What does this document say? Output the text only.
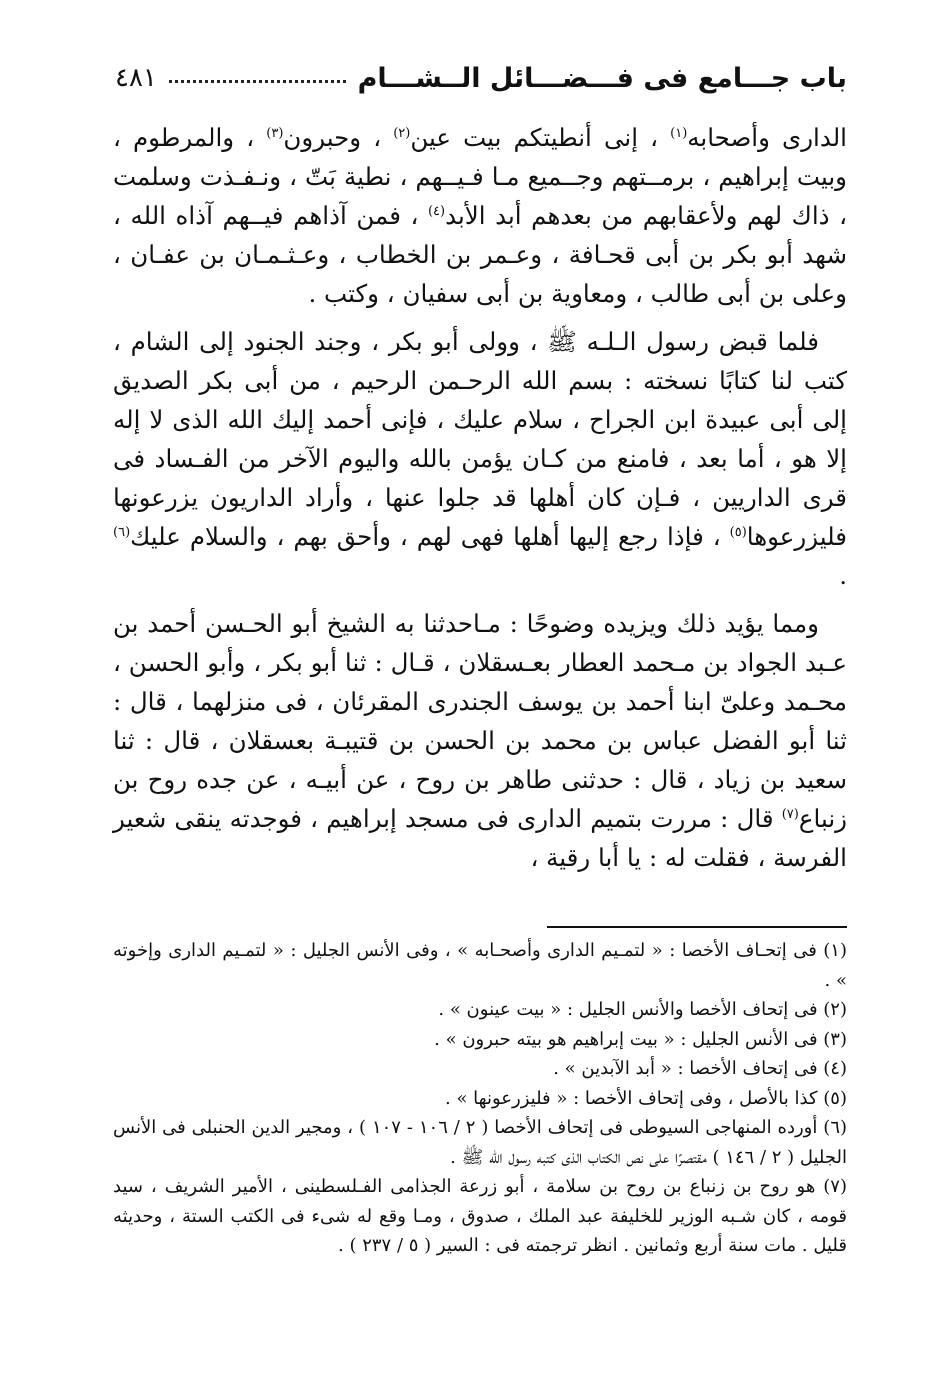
باب جـــامع فى فـــضـــائل الــشـــام
٤٨١

الدارى وأصحابه$^{(١)}$ ، إنى أنطيتكم بيت عين$^{(٢)}$ ، وحبرون$^{(٣)}$ ، والمرطوم ، وبيت إبراهيم ، برمــتهم وجــميع مـا فـيــهم ، نطية بَتّ ، ونـفـذت وسلمت ، ذاك لهم ولأعقابهم من بعدهم أبد الأبد$^{(٤)}$ ، فمن آذاهم فيــهم آذاه الله ، شهد أبو بكر بن أبى قحـافة ، وعـمر بن الخطاب ، وعـثـمـان بن عفـان ، وعلى بن أبى طالب ، ومعاوية بن أبى سفيان ، وكتب .

فلما قبض رسول الـلـه ﷺ ، وولى أبو بكر ، وجند الجنود إلى الشام ، كتب لنا كتابًا نسخته : بسم الله الرحـمن الرحيم ، من أبى بكر الصديق إلى أبى عبيدة ابن الجراح ، سلام عليك ، فإنى أحمد إليك الله الذى لا إله إلا هو ، أما بعد ، فامنع من كـان يؤمن بالله واليوم الآخر من الفـساد فى قرى الداريين ، فـإن كان أهلها قد جلوا عنها ، وأراد الداريون يزرعونها فليزرعوها$^{(٥)}$ ، فإذا رجع إليها أهلها فهى لهم ، وأحق بهم ، والسلام عليك$^{(٦)}$ .

ومما يؤيد ذلك ويزيده وضوحًا : مـاحدثنا به الشيخ أبو الحـسن أحمد بن عـبد الجواد بن مـحمد العطار بعـسقلان ، قـال : ثنا أبو بكر ، وأبو الحسن ، محـمد وعلىّ ابنا أحمد بن يوسف الجندرى المقرئان ، فى منزلهما ، قال : ثنا أبو الفضل عباس بن محمد بن الحسن بن قتيبـة بعسقلان ، قال : ثنا سعيد بن زياد ، قال : حدثنى طاهر بن روح ، عن أبيـه ، عن جده روح بن زنباع$^{(٧)}$ قال : مررت بتميم الدارى فى مسجد إبراهيم ، فوجدته ينقى شعير الفرسة ، فقلت له : يا أبا رقية ،

(١) فى إتحـاف الأخصا : « لتمـيم الدارى وأصحـابه » ، وفى الأنس الجليل : « لتمـيم الدارى وإخوته » .

(٢) فى إتحاف الأخصا والأنس الجليل : « بيت عينون » .

(٣) فى الأنس الجليل : « بيت إبراهيم هو بيته حبرون » .

(٤) فى إتحاف الأخصا : « أبد الآبدين » .

(٥) كذا بالأصل ، وفى إتحاف الأخصا : « فليزرعونها » .

(٦) أورده المنهاجى السيوطى فى إتحاف الأخصا ( ٢ / ١٠٦ - ١٠٧ ) ، ومجير الدين الحنبلى فى الأنس الجليل ( ٢ / ١٤٦ ) مقتصرًا على نص الكتاب الذى كتبه رسول الله ﷺ .

(٧) هو روح بن زنباع بن روح بن سلامة ، أبو زرعة الجذامى الفـلسطينى ، الأمير الشريف ، سيد قومه ، كان شـبه الوزير للخليفة عبد الملك ، صدوق ، ومـا وقع له شىء فى الكتب الستة ، وحديثه قليل . مات سنة أربع وثمانين . انظر ترجمته فى : السير ( ٥ / ٢٣٧ ) .
